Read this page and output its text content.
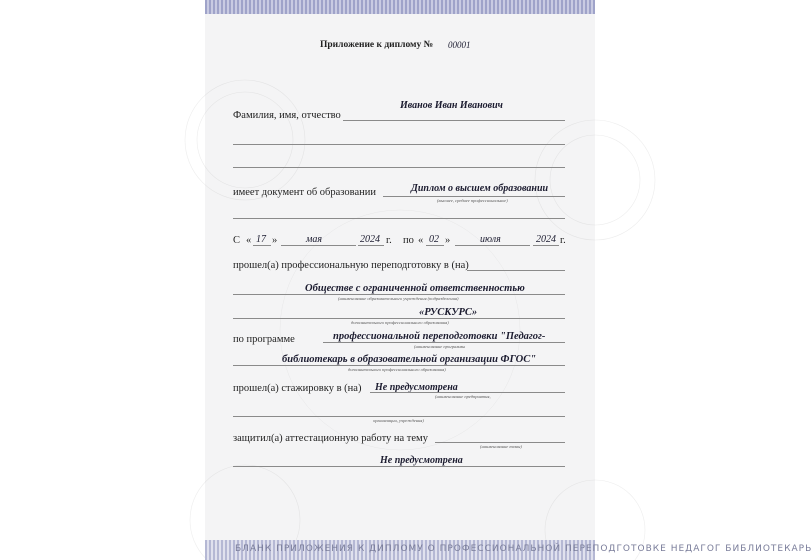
Приложение к диплому № 00001
Иванов Иван Иванович
Фамилия, имя, отчество
Диплом о высшем образовании
имеет документ об образовании
(высшее, среднее профессиональное)
С « 17 »	мая	2024 г. по « 02 »	июля	2024 г.
прошел(а) профессиональную переподготовку в (на)
Обществе с ограниченной ответственностью
(наименование образовательного учреждения (подразделения)
«РУСКУРС»
дополнительного профессионального образования)
по программе	профессиональной переподготовки "Педагог-
(наименование программы
библиотекарь в образовательной организации ФГОС"
дополнительного профессионального образования)
прошел(а) стажировку в (на) Не предусмотрена
(наименование предприятия,
организации, учреждения)
защитил(а) аттестационную работу на тему
(наименование темы)
Не предусмотрена
БЛАНК ПРИЛОЖЕНИЯ К ДИПЛОМУ О ПРОФЕССИОНАЛЬНОЙ ПЕРЕПОДГОТОВКЕ НЕДАГОГ БИБЛИОТЕКАРЬ
